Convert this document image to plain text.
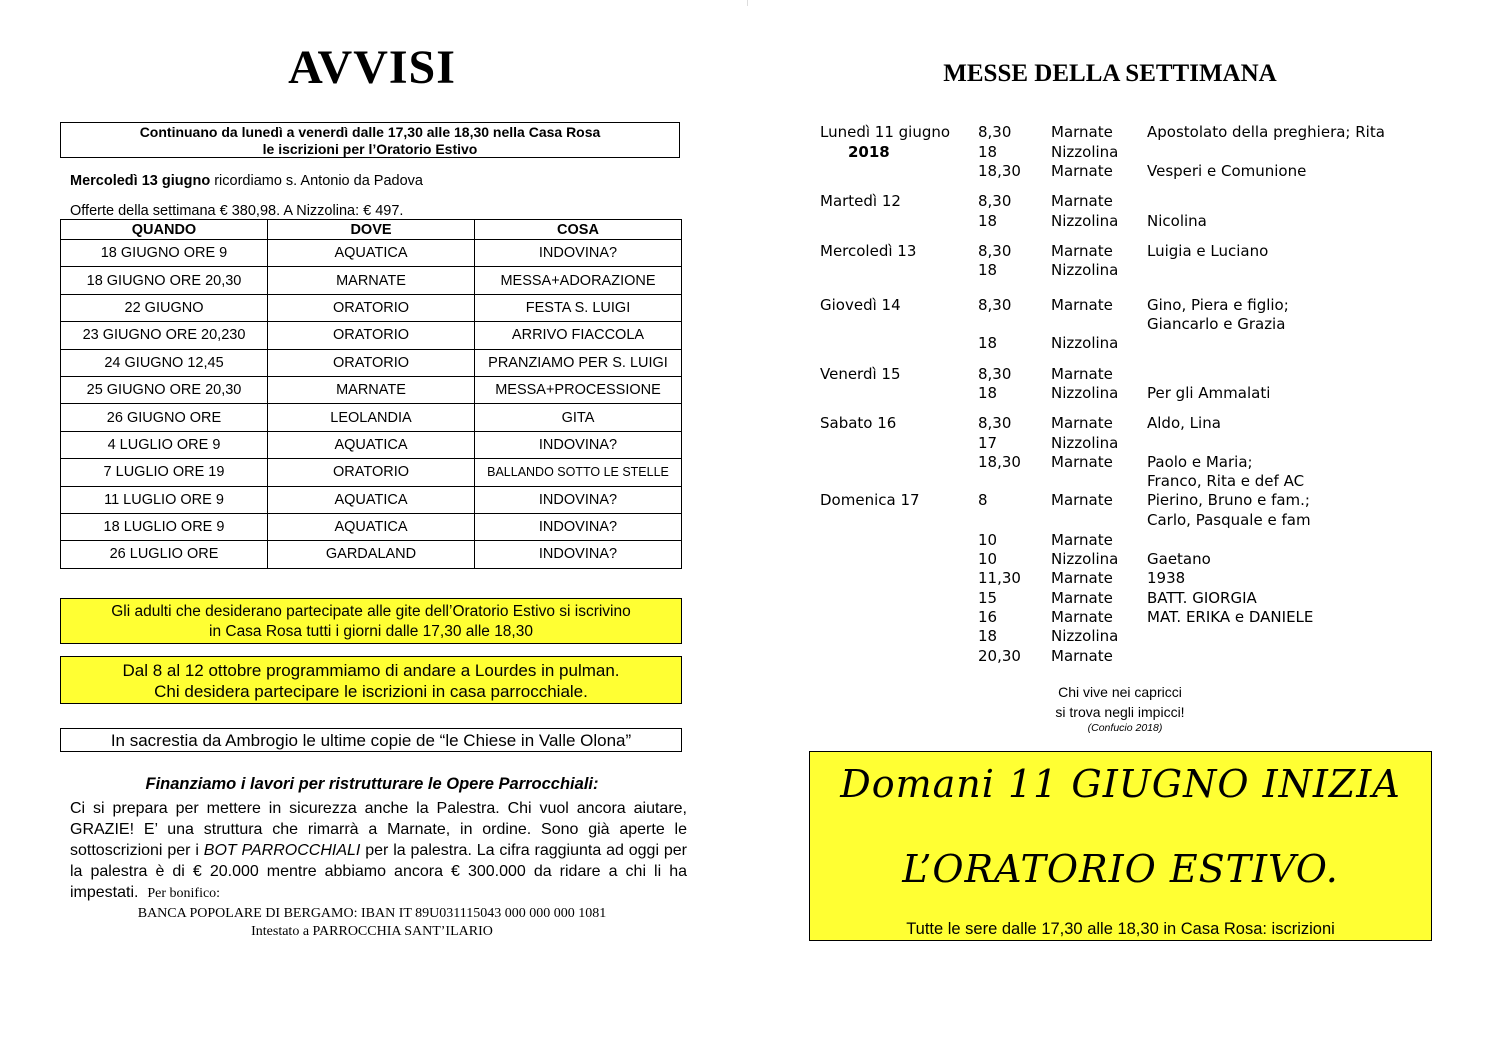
AVVISI
Continuano da lunedì a venerdì dalle 17,30 alle 18,30 nella Casa Rosa
le iscrizioni per l’Oratorio Estivo
Mercoledì 13 giugno ricordiamo s. Antonio da Padova
Offerte della settimana € 380,98. A Nizzolina: € 497.
QUANDO	DOVE	COSA
18 GIUGNO ORE 9	AQUATICA	INDOVINA?
18 GIUGNO ORE 20,30	MARNATE	MESSA+ADORAZIONE
22 GIUGNO	ORATORIO	FESTA S. LUIGI
23 GIUGNO ORE 20,230	ORATORIO	ARRIVO FIACCOLA
24 GIUGNO 12,45	ORATORIO	PRANZIAMO PER S. LUIGI
25 GIUGNO ORE 20,30	MARNATE	MESSA+PROCESSIONE
26 GIUGNO ORE	LEOLANDIA	GITA
4 LUGLIO ORE 9	AQUATICA	INDOVINA?
7 LUGLIO ORE 19	ORATORIO	BALLANDO SOTTO LE STELLE
11 LUGLIO ORE 9	AQUATICA	INDOVINA?
18 LUGLIO ORE 9	AQUATICA	INDOVINA?
26 LUGLIO ORE	GARDALAND	INDOVINA?
Gli adulti che desiderano partecipate alle gite dell’Oratorio Estivo si iscrivino
in Casa Rosa tutti i giorni dalle 17,30 alle 18,30
Dal 8 al 12 ottobre programmiamo di andare a Lourdes in pulman.
Chi desidera partecipare le iscrizioni in casa parrocchiale.
In sacrestia da Ambrogio le ultime copie de “le Chiese in Valle Olona”
Finanziamo i lavori per ristrutturare le Opere Parrocchiali:
Ci si prepara per mettere in sicurezza anche la Palestra. Chi vuol ancora aiutare, GRAZIE! E’ una struttura che rimarrà a Marnate, in ordine. Sono già aperte le sottoscrizioni per i BOT PARROCCHIALI per la palestra. La cifra raggiunta ad oggi per la palestra è di € 20.000 mentre abbiamo ancora € 300.000 da ridare a chi li ha impestati. Per bonifico:
BANCA POPOLARE DI BERGAMO: IBAN IT 89U031115043 000 000 000 1081
Intestato a PARROCCHIA SANT’ILARIO
MESSE DELLA SETTIMANA
Lunedì 11 giugno 8,30	Marnate Apostolato della preghiera; Rita
2018	18	Nizzolina
18,30 Marnate Vesperi e Comunione
Martedì 12	8,30	Marnate
18	Nizzolina Nicolina
Mercoledì 13	8,30	Marnate Luigia e Luciano
18	Nizzolina
Giovedì 14	8,30	Marnate Gino, Piera e figlio;
Giancarlo e Grazia
18	Nizzolina
Venerdì 15	8,30	Marnate
18	Nizzolina Per gli Ammalati
Sabato 16	8,30	Marnate Aldo, Lina
17	Nizzolina
18,30 Marnate Paolo e Maria;
Franco, Rita e def AC
Domenica 17	8	Marnate Pierino, Bruno e fam.;
Carlo, Pasquale e fam
10	Marnate
10	Nizzolina Gaetano
11,30 Marnate 1938
15	Marnate BATT. GIORGIA
16	Marnate MAT. ERIKA e DANIELE
18	Nizzolina
20,30 Marnate
Chi vive nei capricci
si trova negli impicci!
(Confucio 2018)
Domani 11 GIUGNO INIZIA
L’ORATORIO ESTIVO.
Tutte le sere dalle 17,30 alle 18,30 in Casa Rosa: iscrizioni
